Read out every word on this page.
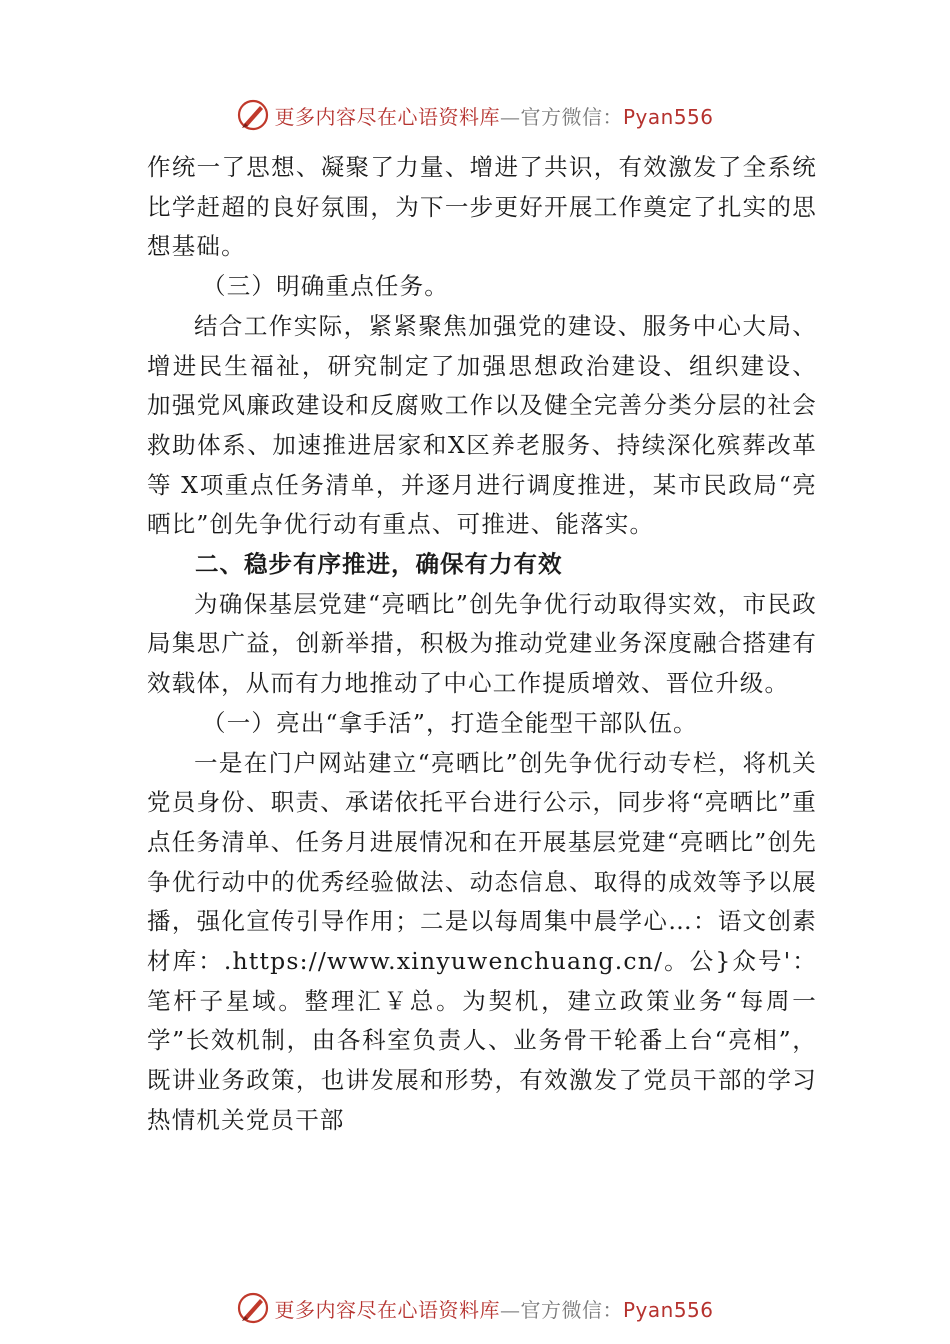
更多内容尽在心语资料库—官方微信：Pyan556

作统一了思想、凝聚了力量、增进了共识，有效激发了全系统比学赶超的良好氛围，为下一步更好开展工作奠定了扎实的思想基础。

（三）明确重点任务。

结合工作实际，紧紧聚焦加强党的建设、服务中心大局、增进民生福祉，研究制定了加强思想政治建设、组织建设、 加强党风廉政建设和反腐败工作以及健全完善分类分层的社会救助体系、加速推进居家和X区养老服务、持续深化殡葬改革等 X项重点任务清单，并逐月进行调度推进，某市民政局“亮晒比”创先争优行动有重点、可推进、能落实。

二、稳步有序推进，确保有力有效

为确保基层党建“亮晒比”创先争优行动取得实效，市民政局集思广益，创新举措，积极为推动党建业务深度融合搭建有效载体，从而有力地推动了中心工作提质增效、晋位升级。

（一）亮出“拿手活”，打造全能型干部队伍。

一是在门户网站建立“亮晒比”创先争优行动专栏，将机关党员身份、职责、承诺依托平台进行公示，同步将“亮晒比”重点任务清单、任务月进展情况和在开展基层党建“亮晒比”创先争优行动中的优秀经验做法、动态信息、取得的成效等予以展播，强化宣传引导作用；二是以每周集中晨学心…：语文创素材库：.https://www.xinyuwenchuang.cn/。公}众号'：笔杆子星域。整理汇￥总。为契机，建立政策业务“每周一学”长效机制，由各科室负责人、业务骨干轮番上台“亮相”，既讲业务政策，也讲发展和形势，有效激发了党员干部的学习热情机关党员干部

更多内容尽在心语资料库—官方微信：Pyan556
